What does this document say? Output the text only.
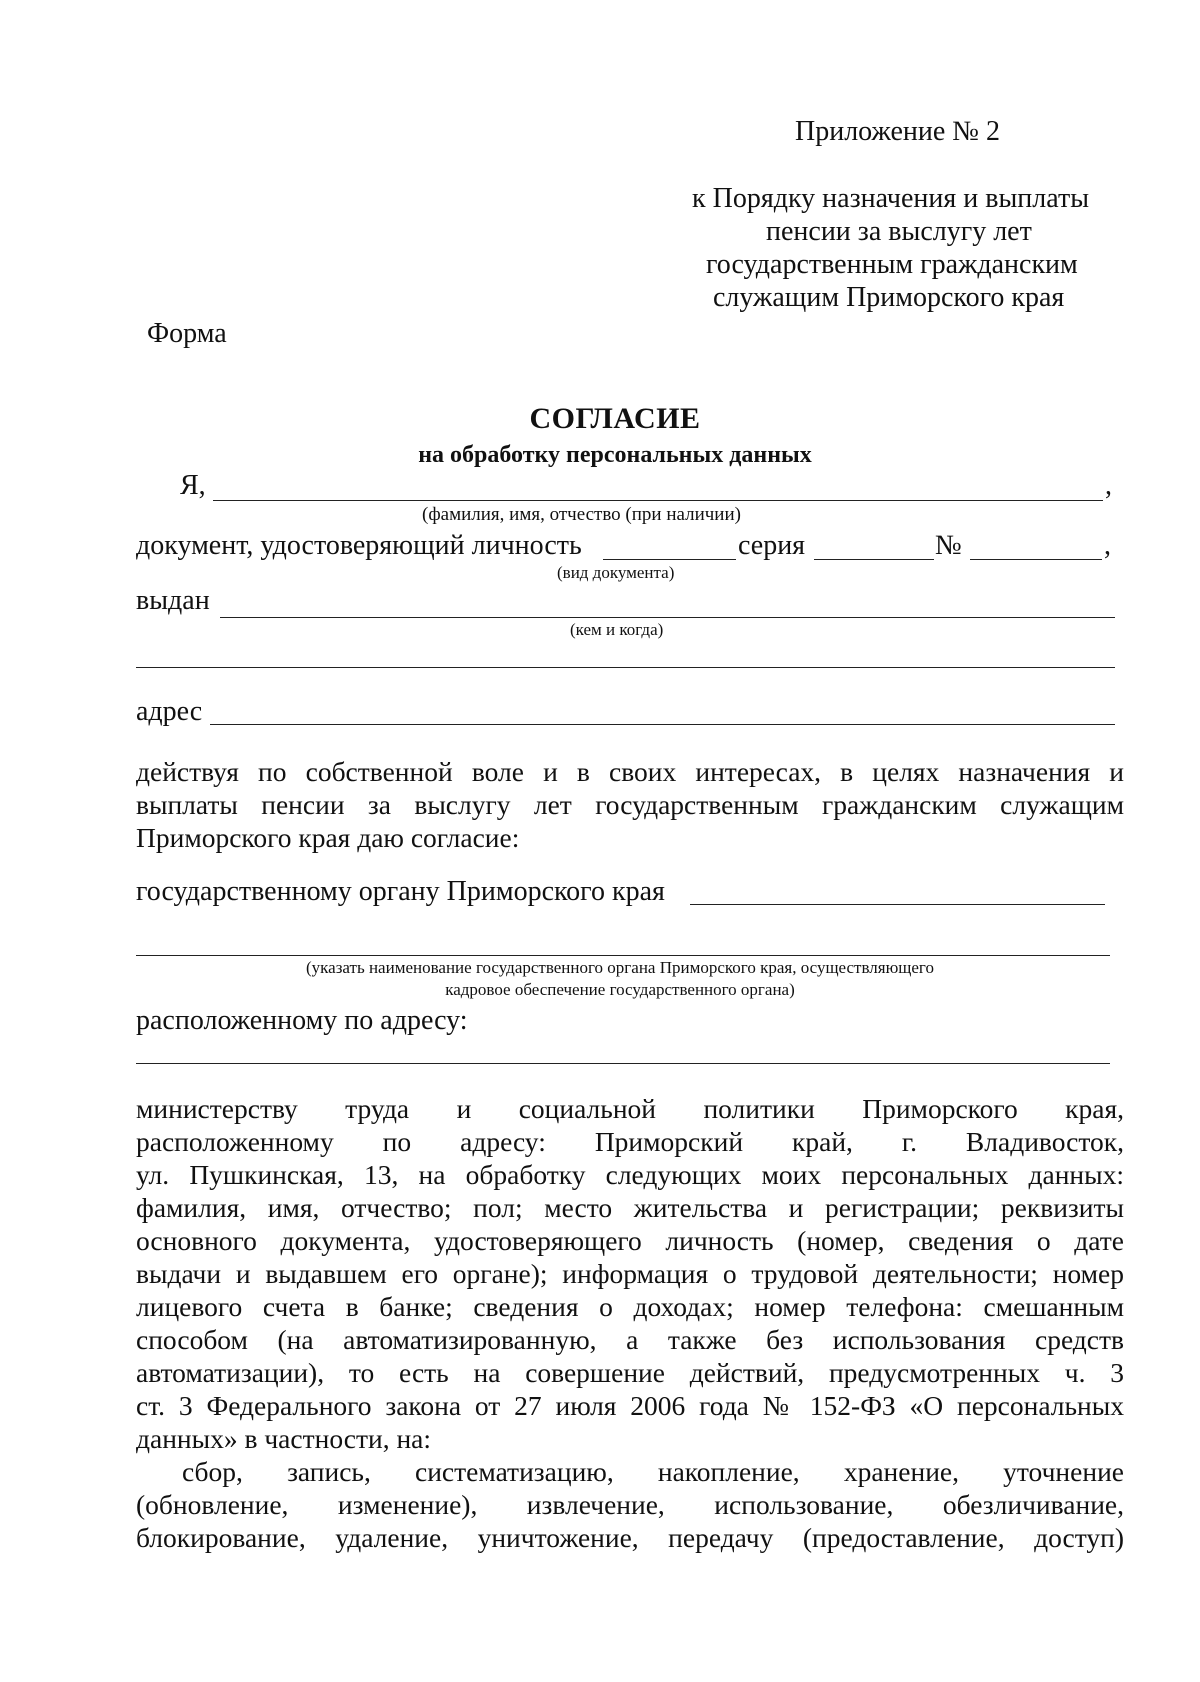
Приложение № 2
к Порядку назначения и выплаты
пенсии за выслугу лет
государственным гражданским
служащим Приморского края
Форма
СОГЛАСИЕ
на обработку персональных данных
Я,	,
(фамилия, имя, отчество (при наличии)
документ, удостоверяющий личность	серия	№	,
(вид документа)
выдан
(кем и когда)
адрес
действуя по собственной воле и в своих интересах, в целях назначения и
выплаты пенсии за выслугу лет государственным гражданским служащим
Приморского края даю согласие:
государственному органу Приморского края
(указать наименование государственного органа Приморского края, осуществляющего
кадровое обеспечение государственного органа)
расположенному по адресу:
министерству труда и социальной политики Приморского края,
расположенному по адресу: Приморский край, г. Владивосток,
ул. Пушкинская, 13, на обработку следующих моих персональных данных:
фамилия, имя, отчество; пол; место жительства и регистрации; реквизиты
основного документа, удостоверяющего личность (номер, сведения о дате
выдачи и выдавшем его органе); информация о трудовой деятельности; номер
лицевого счета в банке; сведения о доходах; номер телефона: смешанным
способом (на автоматизированную, а также без использования средств
автоматизации), то есть на совершение действий, предусмотренных ч. 3
ст. 3 Федерального закона от 27 июля 2006 года № 152-ФЗ «О персональных
данных» в частности, на:
сбор, запись, систематизацию, накопление, хранение, уточнение
(обновление, изменение), извлечение, использование, обезличивание,
блокирование, удаление, уничтожение, передачу (предоставление, доступ)
